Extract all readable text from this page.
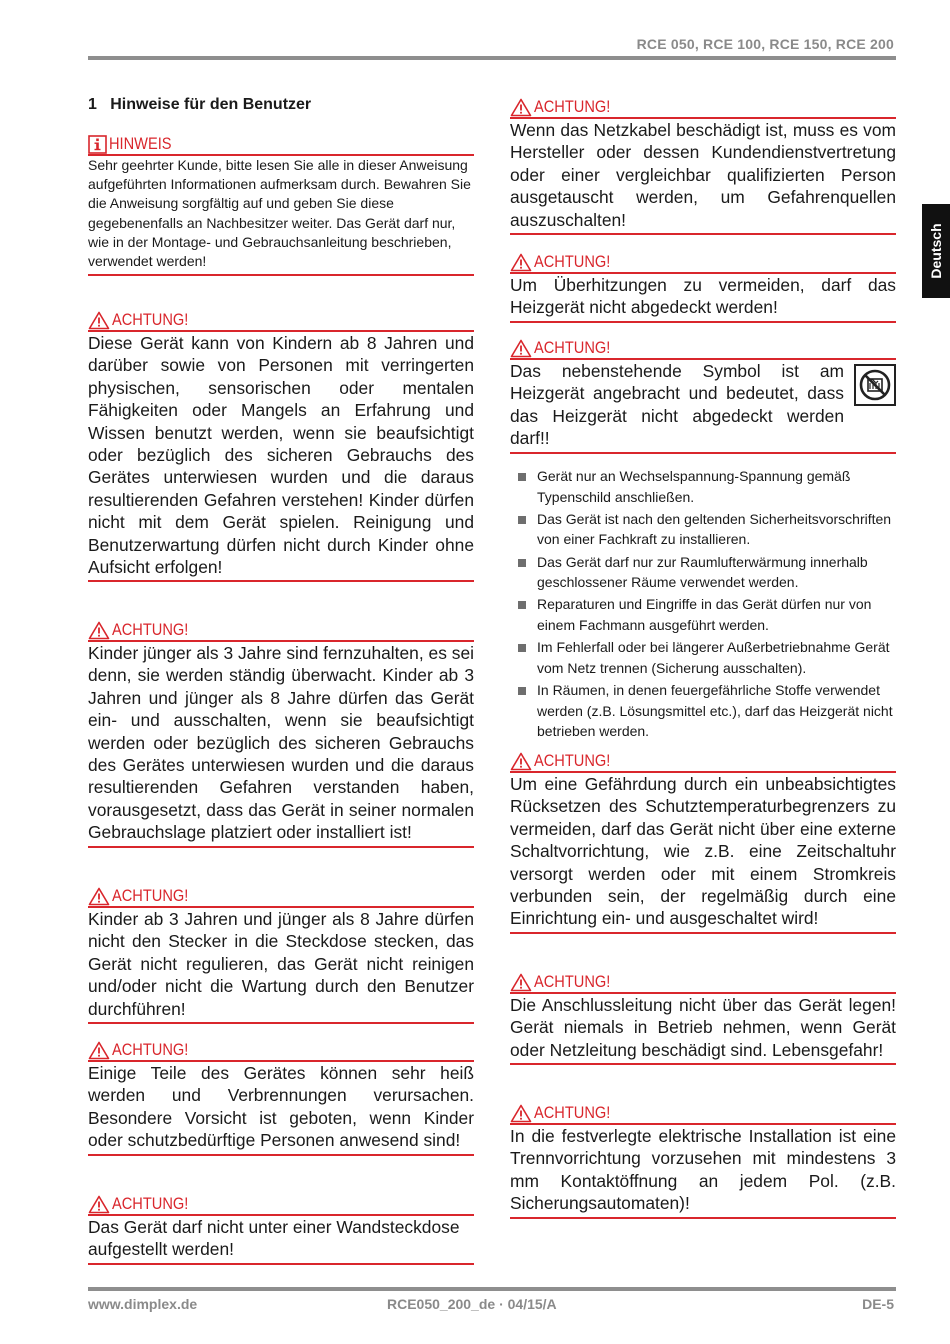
RCE 050, RCE 100, RCE 150, RCE 200
Deutsch
1   Hinweise für den Benutzer
HINWEIS
Sehr geehrter Kunde, bitte lesen Sie alle in dieser Anweisung aufgeführten Informationen aufmerksam durch. Bewahren Sie die Anweisung sorgfältig auf und geben Sie diese gegebenenfalls an Nachbesitzer weiter. Das Gerät darf nur, wie in der Montage- und Gebrauchsanleitung beschrieben, verwendet werden!
ACHTUNG!
Diese Gerät kann von Kindern ab 8 Jahren und darüber sowie von Personen mit verringerten physischen, sensorischen oder mentalen Fähigkeiten oder Mangels an Erfahrung und Wissen benutzt werden, wenn sie beaufsichtigt oder bezüglich des sicheren Gebrauchs des Gerätes unterwiesen wurden und die daraus resultierenden Gefahren verstehen! Kinder dürfen nicht mit dem Gerät spielen. Reinigung und Benutzerwartung dürfen nicht durch Kinder ohne Aufsicht erfolgen!
ACHTUNG!
Kinder jünger als 3 Jahre sind fernzuhalten, es sei denn, sie werden ständig überwacht. Kinder ab 3 Jahren und jünger als 8 Jahre dürfen das Gerät ein- und ausschalten, wenn sie beaufsichtigt werden oder bezüglich des sicheren Gebrauchs des Gerätes unterwiesen wurden und die daraus resultierenden Gefahren verstanden haben, vorausgesetzt, dass das Gerät in seiner normalen Gebrauchslage platziert oder installiert ist!
ACHTUNG!
Kinder ab 3 Jahren und jünger als 8 Jahre dürfen nicht den Stecker in die Steckdose stecken, das Gerät nicht regulieren, das Gerät nicht reinigen und/oder nicht die Wartung durch den Benutzer durchführen!
ACHTUNG!
Einige Teile des Gerätes können sehr heiß werden und Verbrennungen verursachen. Besondere Vorsicht ist geboten, wenn Kinder oder schutzbedürftige Personen anwesend sind!
ACHTUNG!
Das Gerät darf nicht unter einer Wandsteckdose aufgestellt werden!
ACHTUNG!
Wenn das Netzkabel beschädigt ist, muss es vom Hersteller oder dessen Kundendienstvertretung oder einer vergleichbar qualifizierten Person ausgetauscht werden, um Gefahrenquellen auszuschalten!
ACHTUNG!
Um Überhitzungen zu vermeiden, darf das Heizgerät nicht abgedeckt werden!
ACHTUNG!
Das nebenstehende Symbol ist am Heizgerät angebracht und bedeutet, dass das Heizgerät nicht abgedeckt werden darf!!
Gerät nur an Wechselspannung-Spannung gemäß Typenschild anschließen.
Das Gerät ist nach den geltenden Sicherheitsvorschriften von einer Fachkraft zu installieren.
Das Gerät darf nur zur Raumlufterwärmung innerhalb geschlossener Räume verwendet werden.
Reparaturen und Eingriffe in das Gerät dürfen nur von einem Fachmann ausgeführt werden.
Im Fehlerfall oder bei längerer Außerbetriebnahme Gerät vom Netz trennen (Sicherung ausschalten).
In Räumen, in denen feuergefährliche Stoffe verwendet werden (z.B. Lösungsmittel etc.), darf das Heizgerät nicht betrieben werden.
ACHTUNG!
Um eine Gefährdung durch ein unbeabsichtigtes Rücksetzen des Schutztemperaturbegrenzers zu vermeiden, darf das Gerät nicht über eine externe Schaltvorrichtung, wie z.B. eine Zeitschaltuhr versorgt werden oder mit einem Stromkreis verbunden sein, der regelmäßig durch eine Einrichtung ein- und ausgeschaltet wird!
ACHTUNG!
Die Anschlussleitung nicht über das Gerät legen! Gerät niemals in Betrieb nehmen, wenn Gerät oder Netzleitung beschädigt sind. Lebensgefahr!
ACHTUNG!
In die festverlegte elektrische Installation ist eine Trennvorrichtung vorzusehen mit mindestens 3 mm Kontaktöffnung an jedem Pol. (z.B. Sicherungsautomaten)!
www.dimplex.de	RCE050_200_de · 04/15/A	DE-5
